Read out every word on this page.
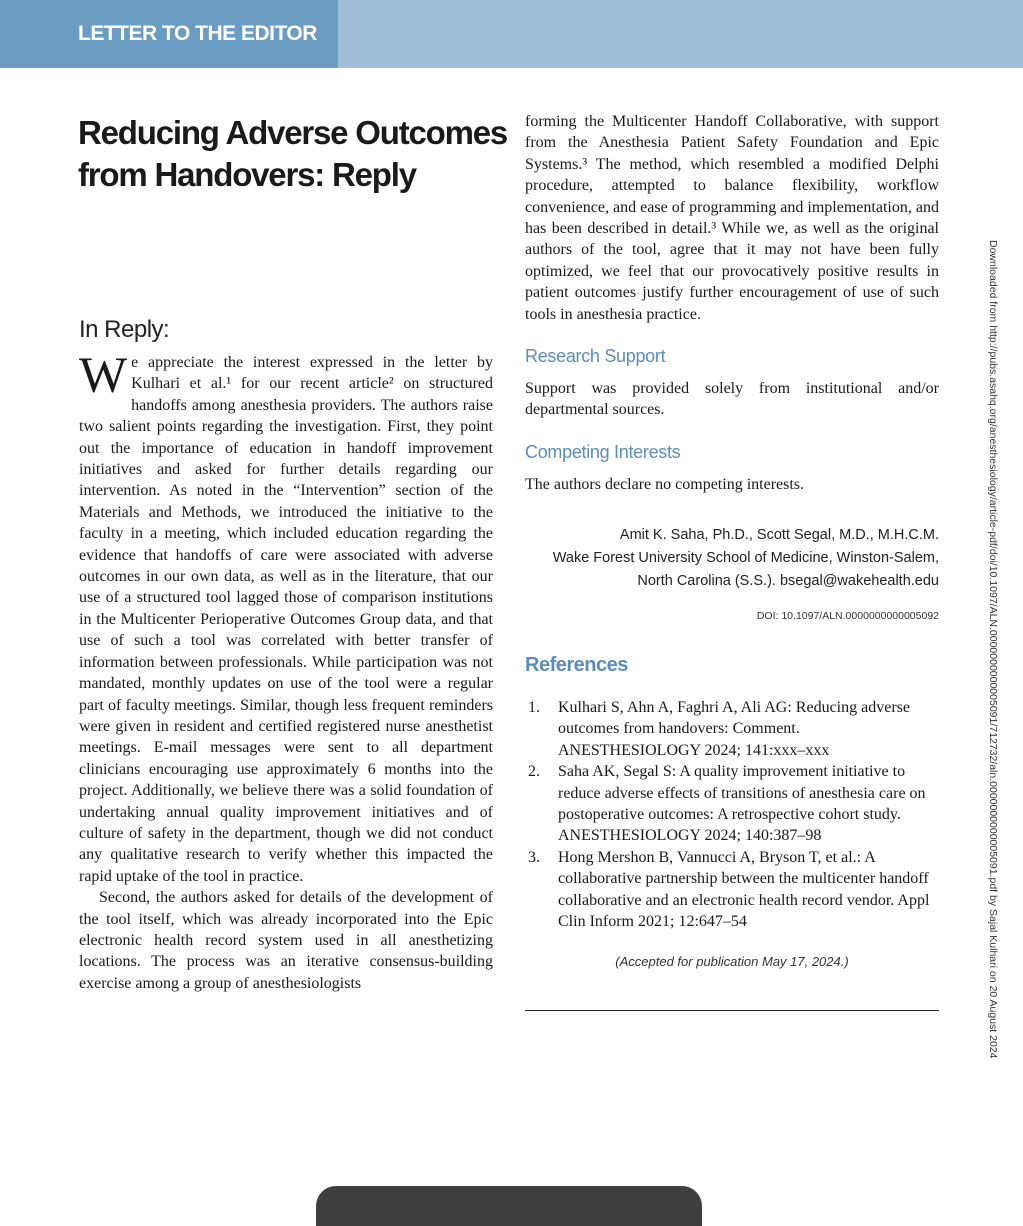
LETTER TO THE EDITOR
Reducing Adverse Outcomes from Handovers: Reply
In Reply:

We appreciate the interest expressed in the letter by Kulhari et al.¹ for our recent article² on structured handoffs among anesthesia providers. The authors raise two salient points regarding the investigation. First, they point out the importance of education in handoff improvement initiatives and asked for further details regarding our intervention. As noted in the “Intervention” section of the Materials and Methods, we introduced the initiative to the faculty in a meeting, which included education regarding the evidence that handoffs of care were associated with adverse outcomes in our own data, as well as in the literature, that our use of a structured tool lagged those of comparison institutions in the Multicenter Perioperative Outcomes Group data, and that use of such a tool was correlated with better transfer of information between professionals. While participation was not mandated, monthly updates on use of the tool were a regular part of faculty meetings. Similar, though less frequent reminders were given in resident and certified registered nurse anesthetist meetings. E-mail messages were sent to all department clinicians encouraging use approximately 6 months into the project. Additionally, we believe there was a solid foundation of undertaking annual quality improvement initiatives and of culture of safety in the department, though we did not conduct any qualitative research to verify whether this impacted the rapid uptake of the tool in practice.

Second, the authors asked for details of the development of the tool itself, which was already incorporated into the Epic electronic health record system used in all anesthetizing locations. The process was an iterative consensus-building exercise among a group of anesthesiologists

forming the Multicenter Handoff Collaborative, with support from the Anesthesia Patient Safety Foundation and Epic Systems.³ The method, which resembled a modified Delphi procedure, attempted to balance flexibility, workflow convenience, and ease of programming and implementation, and has been described in detail.³ While we, as well as the original authors of the tool, agree that it may not have been fully optimized, we feel that our provocatively positive results in patient outcomes justify further encouragement of use of such tools in anesthesia practice.

Research Support

Support was provided solely from institutional and/or departmental sources.

Competing Interests

The authors declare no competing interests.

Amit K. Saha, Ph.D., Scott Segal, M.D., M.H.C.M.
Wake Forest University School of Medicine, Winston-Salem,
North Carolina (S.S.). bsegal@wakehealth.edu
DOI: 10.1097/ALN.0000000000005092
References
1.	Kulhari S, Ahn A, Faghri A, Ali AG: Reducing adverse outcomes from handovers: Comment. ANESTHESIOLOGY 2024; 141:xxx–xxx
2.	Saha AK, Segal S: A quality improvement initiative to reduce adverse effects of transitions of anesthesia care on postoperative outcomes: A retrospective cohort study. ANESTHESIOLOGY 2024; 140:387–98
3.	Hong Mershon B, Vannucci A, Bryson T, et al.: A collaborative partnership between the multicenter handoff collaborative and an electronic health record vendor. Appl Clin Inform 2021; 12:647–54
(Accepted for publication May 17, 2024.)	Downloaded from http://pubs.asahq.org/anesthesiology/article-pdf/doi/10.1097/ALN.0000000000005091/712732/aln.0000000000005091.pdf by Sajal Kulhari on 20 August 2024
